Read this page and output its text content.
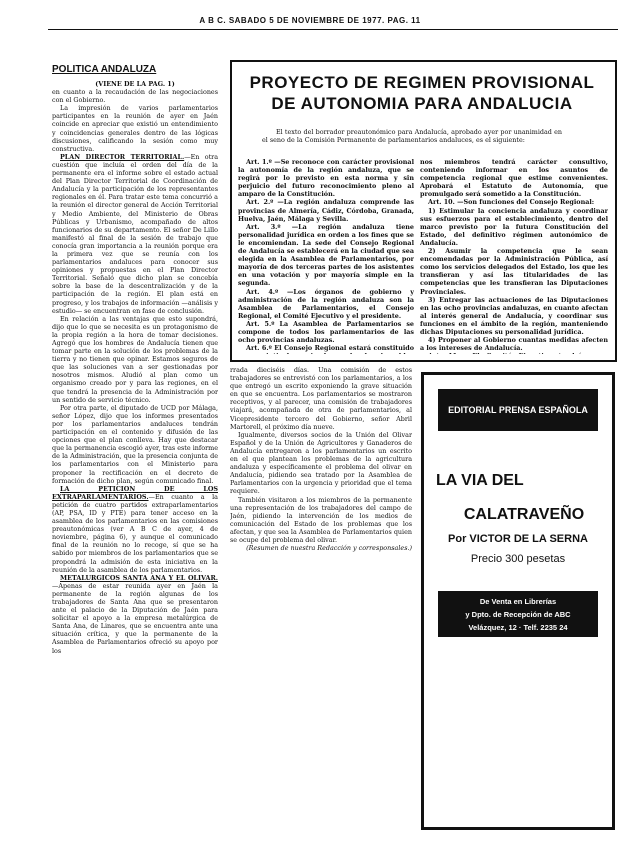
A B C. SABADO 5 DE NOVIEMBRE DE 1977. PAG. 11
POLITICA ANDALUZA

(VIENE DE LA PAG. 1)

en cuanto a la recaudación de las negociaciones con el Gobierno.

La impresión de varios parlamentarios participantes en la reunión de ayer en Jaén coincide en apreciar que existió un entendimiento y coincidencias generales dentro de las lógicas discusiones, calificando la sesión como muy constructiva.

PLAN DIRECTOR TERRITORIAL.—En otra cuestión que incluía el orden del día de la permanente era el informe sobre el estado actual del Plan Director Territorial de Coordinación de Andalucía y la participación de los representantes regionales en él. Para tratar este tema concurrió a la reunión el director general de Acción Territorial y Medio Ambiente, del Ministerio de Obras Públicas y Urbanismo, acompañado de altos funcionarios de su departamento. El señor De Lillo manifestó al final de la sesión de trabajo que conocía gran importancia a la reunión porque era la primera vez que se reunía con los parlamentarios andaluces para conocer sus opiniones y propuestas en el Plan Director Territorial. Señaló que dicho plan se concebía sobre la base de la descentralización y de la participación de la región. El plan está en progreso, y los trabajos de información —análisis y estudio— se encuentran en fase de conclusión.

En relación a las ventajas que esto supondrá, dijo que lo que se necesita es un protagonismo de la propia región a la hora de tomar decisiones. Agregó que los hombres de Andalucía tienen que tomar parte en la solución de los problemas de la tierra y no tienen que opinar. Estamos seguros de que las soluciones van a ser gestionadas por nosotros mismos. Aludió al plan como un organismo creado por y para las regiones, en el que tendrá la presencia de la Administración por un sentido de servicio técnico.

Por otra parte, el diputado de UCD por Málaga, señor López, dijo que los informes presentados por los parlamentarios andaluces tendrán participación en el contenido y difusión de las opciones que el plan conlleva. Hay que destacar que la permanencia escogió ayer, tras este informe de la Administración, que la presencia conjunta de los parlamentarios con el Ministerio para proponer la rectificación en el decreto de formación de dicho plan, según comunicado final.

LA PETICION DE LOS EXTRAPARLAMENTARIOS.—En cuanto a la petición de cuatro partidos extraparlamentarios (AP, PSA, ID y PTE) para tener acceso en la asamblea de los parlamentarios en las comisiones preautonómicas (ver A B C de ayer, 4 de noviembre, página 6), y aunque el comunicado final de la reunión no lo recoge, sí que se ha sabido por miembros de los parlamentarios que se propondrá la admisión de esta iniciativa en la reunión de la asamblea de los parlamentarios.

METALURGICOS SANTA ANA Y EL OLIVAR.—Apenas de estar reunida ayer en Jaén la permanente de la región algunas de los trabajadores de Santa Ana que se presentaron ante el palacio de la Diputación de Jaén para solicitar el apoyo a la empresa metalúrgica de Santa Ana, de Linares, que se encuentra ante una situación crítica, y que la permanente de la Asamblea de Parlamentarios ofreció su apoyo por los

PROYECTO DE REGIMEN PROVISIONAL DE AUTONOMIA PARA ANDALUCIA
El texto del borrador preautonómico para Andalucía, aprobado ayer por unanimidad en el seno de la Comisión Permanente de parlamentarios andaluces, es el siguiente:

Art. 1.º —Se reconoce con carácter provisional la autonomía de la región andaluza, que se regirá por lo previsto en esta norma y sin perjuicio del futuro reconocimiento pleno al amparo de la Constitución.

Art. 2.º —La región andaluza comprende las provincias de Almería, Cádiz, Córdoba, Granada, Huelva, Jaén, Málaga y Sevilla.

Art. 3.º —La región andaluza tiene personalidad jurídica en orden a los fines que se le encomiendan. La sede del Consejo Regional de Andalucía se establecerá en la ciudad que sea elegida en la Asamblea de Parlamentarios, por mayoría de dos terceras partes de los asistentes en una votación y por mayoría simple en la segunda.

Art. 4.º —Los órganos de gobierno y administración de la región andaluza son la Asamblea de Parlamentarios, el Consejo Regional, el Comité Ejecutivo y el presidente.

Art. 5.º La Asamblea de Parlamentarios se compone de todos los parlamentarios de las ocho provincias andaluzas.

Art. 6.º El Consejo Regional estará constituido

nos miembros tendrá carácter consultivo, conteniendo informar en los asuntos de competencia regional que estime convenientes. Aprobará el Estatuto de Autonomía, que promulgado será sometido a la Constitución.

Art. 10. —Son funciones del Consejo Regional:

1) Estimular la conciencia andaluza y coordinar sus esfuerzos para el establecimiento, dentro del marco previsto por la futura Constitución del Estado, del definitivo régimen autonómico de Andalucía.

2) Asumir la competencia que le sean encomendadas por la Administración Pública, así como los servicios delegados del Estado, los que les transfieran y así las titularidades de las competencias que les transfieran las Diputaciones Provinciales.

3) Entregar las actuaciones de las Diputaciones en las ocho provincias andaluzas, en cuanto afectan al interés general de Andalucía, y coordinar sus funciones en el ámbito de la región, manteniendo dichas Diputaciones su personalidad jurídica.

4) Proponer al Gobierno cuantas medidas afecten a los intereses de Andalucía.

rrada dieciséis días. Una comisión de estos trabajadores se entrevistó con los parlamentarios, a los que entregó un escrito exponiendo la grave situación en que se encuentra. Los parlamentarios se mostraron receptivos, y al parecer, una comisión de trabajadores viajará, acompañada de otra de parlamentarios, al Vicepresidente tercero del Gobierno, señor Abril Martorell, el próximo día nueve.

Igualmente, diversos socios de la Unión del Olivar Español y de la Unión de Agricultores y Ganaderos de Andalucía entregaron a los parlamentarios un escrito en el que plantean los problemas de la agricultura andaluza y específicamente el problema del olivar en Andalucía, pidiendo sea tratado por la Asamblea de Parlamentarios con la urgencia y prioridad que el tema requiere.

También visitaron a los miembros de la permanente una representación de los trabajadores del campo de Jaén, pidiendo la intervención de los medios de comunicación del Estado de los problemas que los afectan, y que sea la Asamblea de Parlamentarios quien se ocupe del problema del olivar.

(Resumen de nuestra Redacción y corresponsales.)

EDITORIAL PRENSA ESPAÑOLA
LA VIA DEL
CALATRAVEÑO
Por VICTOR DE LA SERNA
Precio 300 pesetas
De Venta en Librerías
y Dpto. de Recepción de ABC
Velázquez, 12 · Telf. 2235 24
